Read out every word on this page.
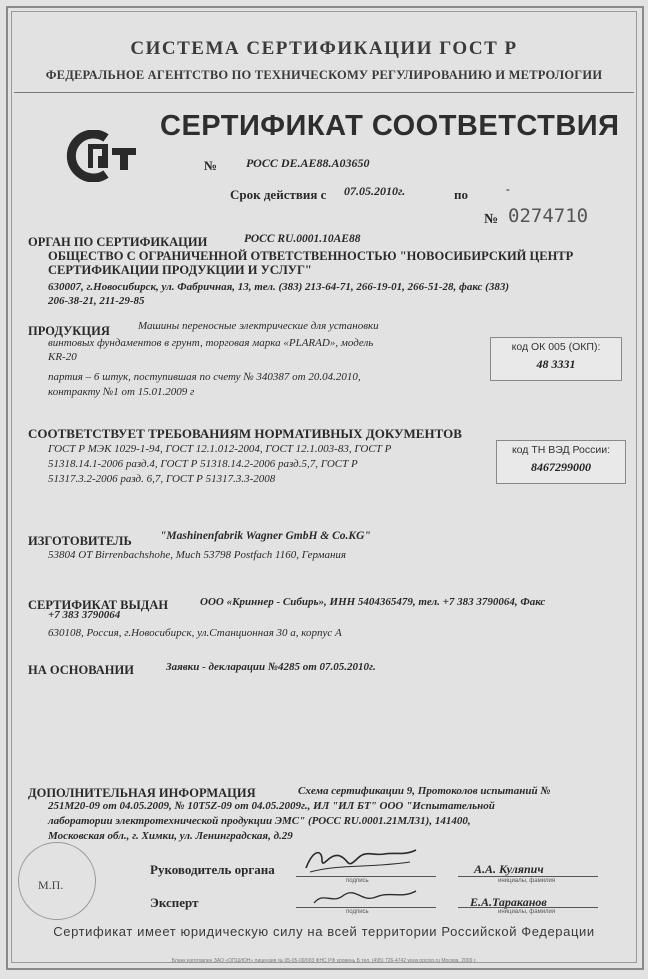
СИСТЕМА СЕРТИФИКАЦИИ ГОСТ Р
ФЕДЕРАЛЬНОЕ АГЕНТСТВО ПО ТЕХНИЧЕСКОМУ РЕГУЛИРОВАНИЮ И МЕТРОЛОГИИ
СЕРТИФИКАТ СООТВЕТСТВИЯ
№ РОСС DE.АЕ88.А03650
Срок действия с 07.05.2010г.	по	-
№ 0274710
ОРГАН ПО СЕРТИФИКАЦИИ	РОСС RU.0001.10АЕ88
ОБЩЕСТВО С ОГРАНИЧЕННОЙ ОТВЕТСТВЕННОСТЬЮ "НОВОСИБИРСКИЙ ЦЕНТР
СЕРТИФИКАЦИИ ПРОДУКЦИИ И УСЛУГ"
630007, г.Новосибирск, ул. Фабричная, 13, тел. (383) 213-64-71, 266-19-01, 266-51-28, факс (383)
206-38-21, 211-29-85
ПРОДУКЦИЯ	Машины переносные электрические для установки
винтовых фундаментов в грунт, торговая марка «PLARAD», модель
KR-20
партия – 6 штук, поступившая по счету № 340387 от 20.04.2010,
контракту №1 от 15.01.2009 г
код ОК 005 (ОКП):
48 3331
СООТВЕТСТВУЕТ ТРЕБОВАНИЯМ НОРМАТИВНЫХ ДОКУМЕНТОВ
ГОСТ Р МЭК 1029-1-94, ГОСТ 12.1.012-2004, ГОСТ 12.1.003-83, ГОСТ Р
51318.14.1-2006 разд.4, ГОСТ Р 51318.14.2-2006 разд.5,7, ГОСТ Р
51317.3.2-2006 разд. 6,7, ГОСТ Р 51317.3.3-2008
код ТН ВЭД России:
8467299000
ИЗГОТОВИТЕЛЬ "Mashinenfabrik Wagner GmbH & Co.KG"
53804 OT Birrenbachshohe, Much 53798 Postfach 1160, Германия
СЕРТИФИКАТ ВЫДАН	ООО «Криннер - Сибирь», ИНН 5404365479, тел. +7 383 3790064, Факс
+7 383 3790064
630108, Россия, г.Новосибирск, ул.Станционная 30 а, корпус А
НА ОСНОВАНИИ	Заявки - декларации №4285 от 07.05.2010г.
ДОПОЛНИТЕЛЬНАЯ ИНФОРМАЦИЯ	Схема сертификации 9, Протоколов испытаний №
251М20-09 от 04.05.2009, № 10Т5Z-09 от 04.05.2009г., ИЛ "ИЛ БТ" ООО "Испытательной
лаборатории электротехнической продукции ЭМС" (РОСС RU.0001.21МЛ31), 141400,
Московская обл., г. Химки, ул. Ленинградская, д.29
М.П.
Руководитель органа
подпись
А.А. Куляпич
инициалы, фамилия
Эксперт
подпись
Е.А.Тараканов
инициалы, фамилия
Сертификат имеет юридическую силу на всей территории Российской Федерации
Бланк изготовлен ЗАО «ОПЦИОН» лицензия № 05-05-09/003 ФНС РФ уровень Б тел. (495) 726-4742 www.opcion.ru Москва, 2009 г.
